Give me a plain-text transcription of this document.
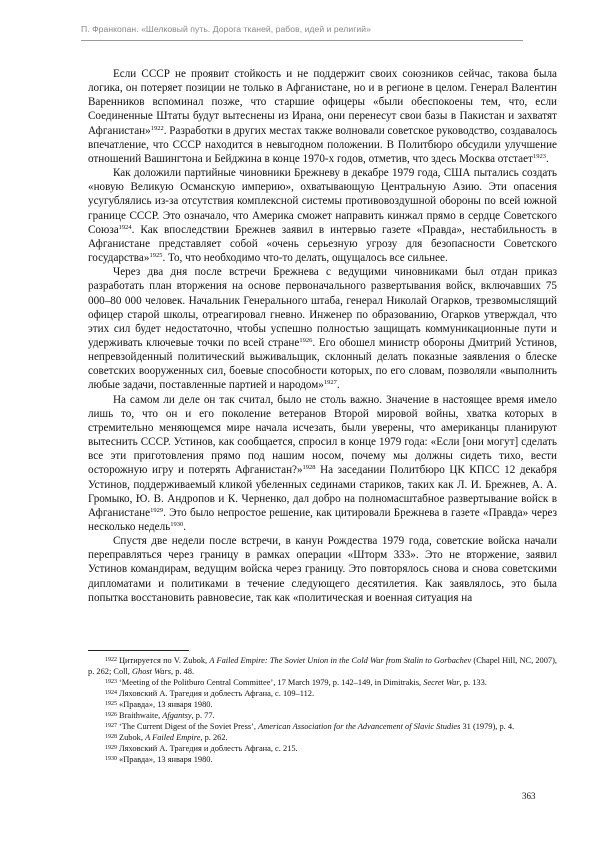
П. Франкопан. «Шелковый путь. Дорога тканей, рабов, идей и религий»

Если СССР не проявит стойкость и не поддержит своих союзников сейчас, такова была логика, он потеряет позиции не только в Афганистане, но и в регионе в целом. Генерал Валентин Варенников вспоминал позже, что старшие офицеры «были обеспокоены тем, что, если Соединенные Штаты будут вытеснены из Ирана, они перенесут свои базы в Пакистан и захватят Афганистан»$^{1922}$. Разработки в других местах также волновали советское руководство, создавалось впечатление, что СССР находится в невыгодном положении. В Политбюро обсудили улучшение отношений Вашингтона и Бейджина в конце 1970-х годов, отметив, что здесь Москва отстает$^{1923}$.

Как доложили партийные чиновники Брежневу в декабре 1979 года, США пытались создать «новую Великую Османскую империю», охватывающую Центральную Азию. Эти опасения усугублялись из-за отсутствия комплексной системы противовоздушной обороны по всей южной границе СССР. Это означало, что Америка сможет направить кинжал прямо в сердце Советского Союза$^{1924}$. Как впоследствии Брежнев заявил в интервью газете «Правда», нестабильность в Афганистане представляет собой «очень серьезную угрозу для безопасности Советского государства»$^{1925}$. То, что необходимо что-то делать, ощущалось все сильнее.

Через два дня после встречи Брежнева с ведущими чиновниками был отдан приказ разработать план вторжения на основе первоначального развертывания войск, включавших 75 000–80 000 человек. Начальник Генерального штаба, генерал Николай Огарков, трезвомыслящий офицер старой школы, отреагировал гневно. Инженер по образованию, Огарков утверждал, что этих сил будет недостаточно, чтобы успешно полностью защищать коммуникационные пути и удерживать ключевые точки по всей стране$^{1926}$. Его обошел министр обороны Дмитрий Устинов, непревзойденный политический выживальщик, склонный делать показные заявления о блеске советских вооруженных сил, боевые способности которых, по его словам, позволяли «выполнить любые задачи, поставленные партией и народом»$^{1927}$.

На самом ли деле он так считал, было не столь важно. Значение в настоящее время имело лишь то, что он и его поколение ветеранов Второй мировой войны, хватка которых в стремительно меняющемся мире начала исчезать, были уверены, что американцы планируют вытеснить СССР. Устинов, как сообщается, спросил в конце 1979 года: «Если [они могут] сделать все эти приготовления прямо под нашим носом, почему мы должны сидеть тихо, вести осторожную игру и потерять Афганистан?»$^{1928}$ На заседании Политбюро ЦК КПСС 12 декабря Устинов, поддерживаемый кликой убеленных сединами стариков, таких как Л. И. Брежнев, А. А. Громыко, Ю. В. Андропов и К. Черненко, дал добро на полномасштабное развертывание войск в Афганистане$^{1929}$. Это было непростое решение, как цитировали Брежнева в газете «Правда» через несколько недель$^{1930}$.

Спустя две недели после встречи, в канун Рождества 1979 года, советские войска начали переправляться через границу в рамках операции «Шторм 333». Это не вторжение, заявил Устинов командирам, ведущим войска через границу. Это повторялось снова и снова советскими дипломатами и политиками в течение следующего десятилетия. Как заявлялось, это была попытка восстановить равновесие, так как «политическая и военная ситуация на

$^{1922}$ Цитируется по V. Zubok, A Failed Empire: The Soviet Union in the Cold War from Stalin to Gorbachev (Chapel Hill, NC, 2007), p. 262; Coll, Ghost Wars, p. 48.

$^{1923}$ ‘Meeting of the Politburo Central Committee’, 17 March 1979, p. 142–149, in Dimitrakis, Secret War, p. 133.

$^{1924}$ Ляховский А. Трагедия и доблесть Афгана, с. 109–112.

$^{1925}$ «Правда», 13 января 1980.

$^{1926}$ Braithwaite, Afgantsy, p. 77.

$^{1927}$ ‘The Current Digest of the Soviet Press’, American Association for the Advancement of Slavic Studies 31 (1979), p. 4.

$^{1928}$ Zubok, A Failed Empire, p. 262.

$^{1929}$ Ляховский А. Трагедия и доблесть Афгана, с. 215.

$^{1930}$ «Правда», 13 января 1980.

363
